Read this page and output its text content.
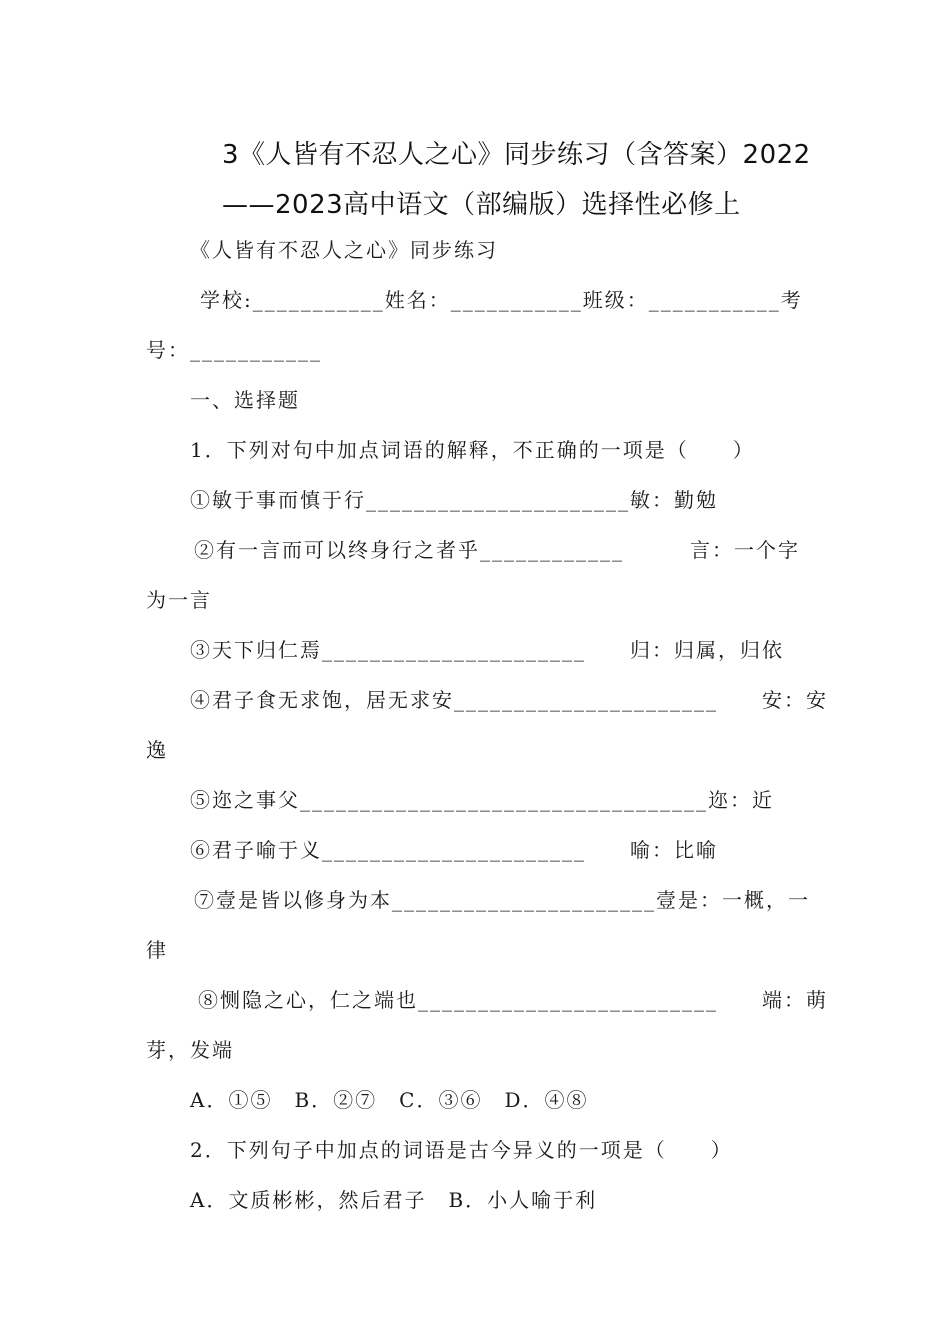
3《人皆有不忍人之心》同步练习（含答案）2022
——2023高中语文（部编版）选择性必修上
《人皆有不忍人之心》同步练习
学校:___________姓名：___________班级：___________考
号：___________
一、选择题
1．下列对句中加点词语的解释，不正确的一项是（　　）
①敏于事而慎于行______________________敏：勤勉
②有一言而可以终身行之者乎____________　　　言：一个字
为一言
③天下归仁焉______________________　　归：归属，归依
④君子食无求饱，居无求安______________________　　安：安
逸
⑤迩之事父__________________________________迩：近
⑥君子喻于义______________________　　喻：比喻
⑦壹是皆以修身为本______________________壹是：一概，一
律
⑧恻隐之心，仁之端也_________________________　　端：萌
芽，发端
A．①⑤　B．②⑦　C．③⑥　D．④⑧
2．下列句子中加点的词语是古今异义的一项是（　　）
A．文质彬彬，然后君子　B．小人喻于利
